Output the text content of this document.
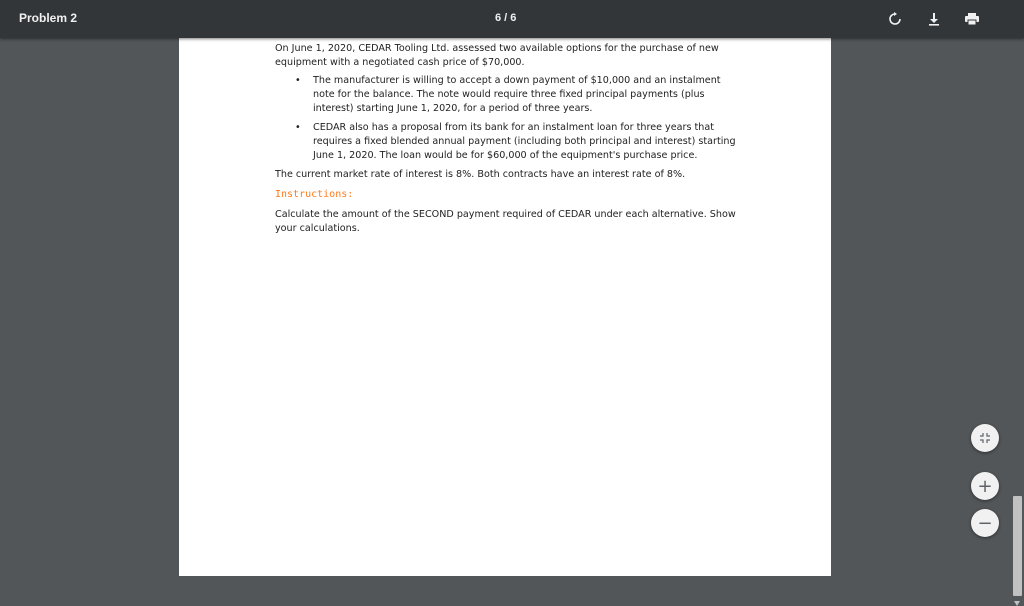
Problem 2	6 / 6

On June 1, 2020, CEDAR Tooling Ltd. assessed two available options for the purchase of new equipment with a negotiated cash price of $70,000.

• The manufacturer is willing to accept a down payment of $10,000 and an instalment note for the balance. The note would require three fixed principal payments (plus interest) starting June 1, 2020, for a period of three years.
• CEDAR also has a proposal from its bank for an instalment loan for three years that requires a fixed blended annual payment (including both principal and interest) starting June 1, 2020. The loan would be for $60,000 of the equipment's purchase price.

The current market rate of interest is 8%. Both contracts have an interest rate of 8%.

Instructions:

Calculate the amount of the SECOND payment required of CEDAR under each alternative. Show your calculations.

+
−
